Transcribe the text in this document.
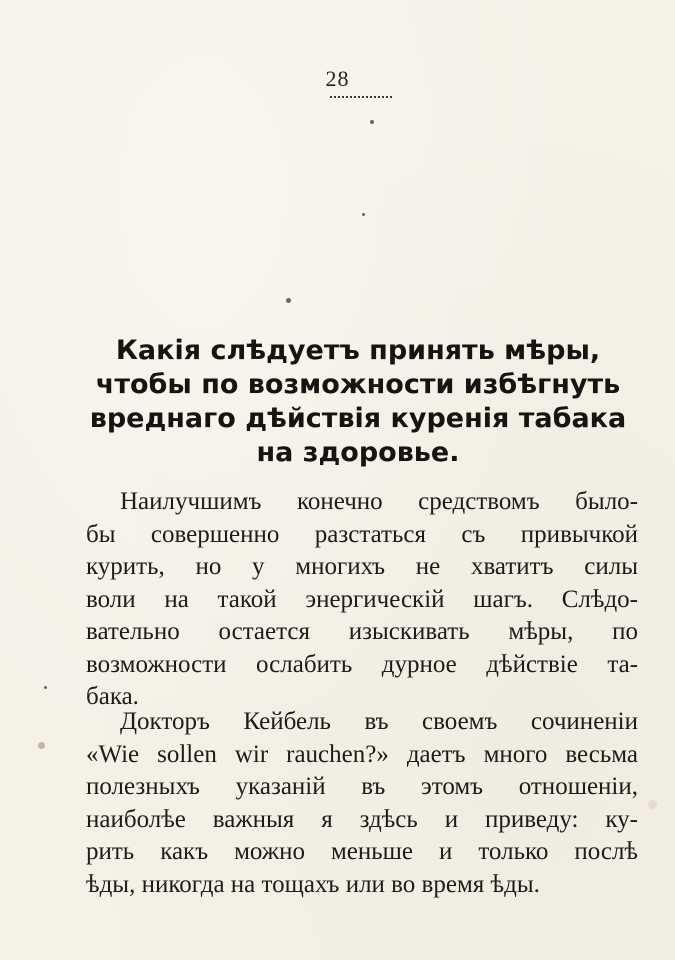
28
Какія слѣдуетъ принять мѣры,
чтобы по возможности избѣгнуть
вреднаго дѣйствія куренія табака
на здоровье.

Наилучшимъ конечно средствомъ было-
бы совершенно разстаться съ привычкой
курить, но у многихъ не хватитъ силы
воли на такой энергическій шагъ. Слѣдо-
вательно остается изыскивать мѣры, по
возможности ослабить дурное дѣйствіе та-
бака.

Докторъ Кейбель въ своемъ сочиненіи
«Wie sollen wir rauchen?» даетъ много весьма
полезныхъ указаній въ этомъ отношеніи,
наиболѣе важныя я здѣсь и приведу: ку-
рить какъ можно меньше и только послѣ
ѣды, никогда на тощахъ или во время ѣды.
